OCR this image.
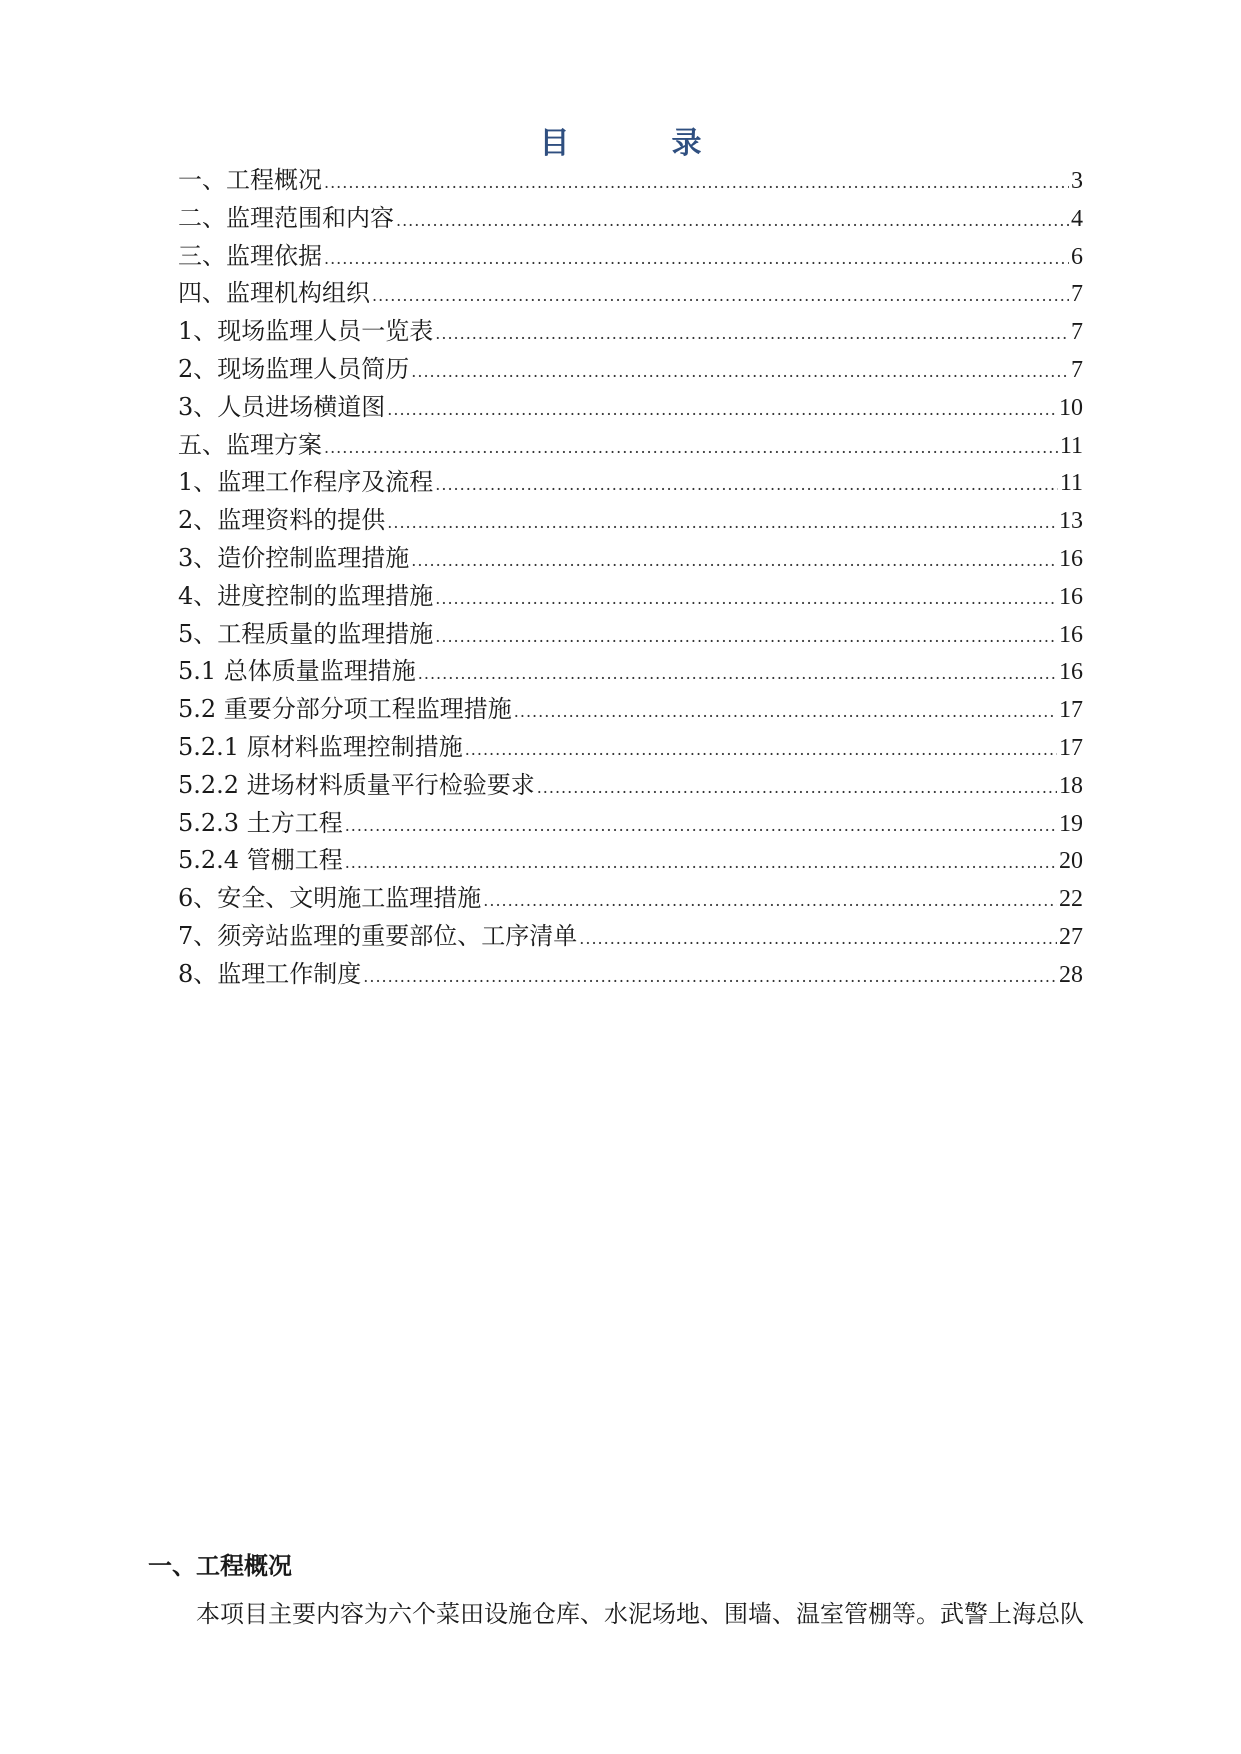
目　录
一、工程概况 .....	3
二、监理范围和内容 .....	4
三、监理依据 .....	6
四、监理机构组织 .....	7
1、现场监理人员一览表 .....	7
2、现场监理人员简历 .....	7
3、人员进场横道图 .....	10
五、监理方案 .....	11
1、监理工作程序及流程 .....	11
2、监理资料的提供 .....	13
3、造价控制监理措施 .....	16
4、进度控制的监理措施 .....	16
5、工程质量的监理措施 .....	16
5.1 总体质量监理措施 .....	16
5.2 重要分部分项工程监理措施 .....	17
5.2.1 原材料监理控制措施 .....	17
5.2.2 进场材料质量平行检验要求 .....	18
5.2.3 土方工程 .....	19
5.2.4 管棚工程 .....	20
6、安全、文明施工监理措施 .....	22
7、须旁站监理的重要部位、工序清单 .....	27
8、监理工作制度 .....	28
一、工程概况
本项目主要内容为六个菜田设施仓库、水泥场地、围墙、温室管棚等。武警上海总队
